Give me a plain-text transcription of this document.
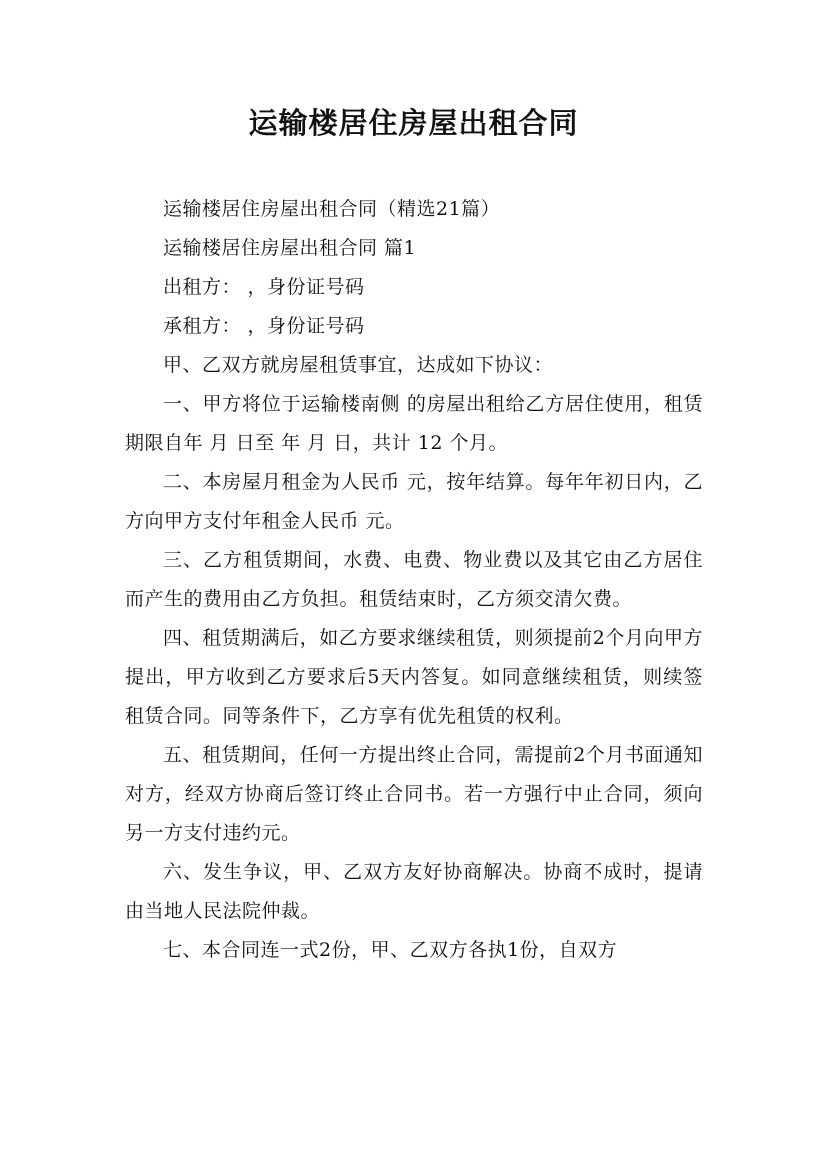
运输楼居住房屋出租合同

运输楼居住房屋出租合同（精选21篇）

运输楼居住房屋出租合同 篇1

出租方： ，身份证号码

承租方： ，身份证号码

甲、乙双方就房屋租赁事宜，达成如下协议：

一、甲方将位于运输楼南侧 的房屋出租给乙方居住使用，租赁期限自年 月 日至 年 月 日，共计 12 个月。

二、本房屋月租金为人民币 元，按年结算。每年年初日内，乙方向甲方支付年租金人民币 元。

三、乙方租赁期间，水费、电费、物业费以及其它由乙方居住而产生的费用由乙方负担。租赁结束时，乙方须交清欠费。

四、租赁期满后，如乙方要求继续租赁，则须提前2个月向甲方提出，甲方收到乙方要求后5天内答复。如同意继续租赁，则续签租赁合同。同等条件下，乙方享有优先租赁的权利。

五、租赁期间，任何一方提出终止合同，需提前2个月书面通知对方，经双方协商后签订终止合同书。若一方强行中止合同，须向另一方支付违约元。

六、发生争议，甲、乙双方友好协商解决。协商不成时，提请由当地人民法院仲裁。

七、本合同连一式2份，甲、乙双方各执1份，自双方
